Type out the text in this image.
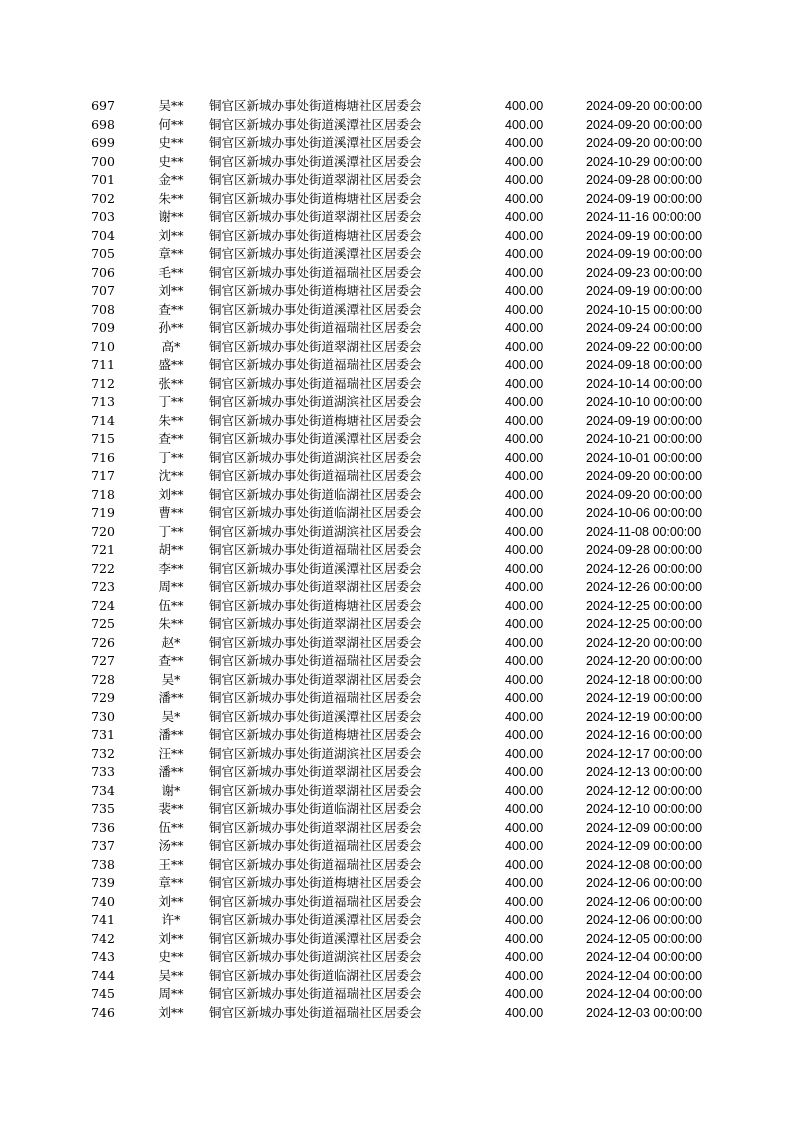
697	吴**	铜官区新城办事处街道梅塘社区居委会	400.00	2024-09-20 00:00:00
698	何**	铜官区新城办事处街道溪潭社区居委会	400.00	2024-09-20 00:00:00
699	史**	铜官区新城办事处街道溪潭社区居委会	400.00	2024-09-20 00:00:00
700	史**	铜官区新城办事处街道溪潭社区居委会	400.00	2024-10-29 00:00:00
701	金**	铜官区新城办事处街道翠湖社区居委会	400.00	2024-09-28 00:00:00
702	朱**	铜官区新城办事处街道梅塘社区居委会	400.00	2024-09-19 00:00:00
703	谢**	铜官区新城办事处街道翠湖社区居委会	400.00	2024-11-16 00:00:00
704	刘**	铜官区新城办事处街道梅塘社区居委会	400.00	2024-09-19 00:00:00
705	章**	铜官区新城办事处街道溪潭社区居委会	400.00	2024-09-19 00:00:00
706	毛**	铜官区新城办事处街道福瑞社区居委会	400.00	2024-09-23 00:00:00
707	刘**	铜官区新城办事处街道梅塘社区居委会	400.00	2024-09-19 00:00:00
708	查**	铜官区新城办事处街道溪潭社区居委会	400.00	2024-10-15 00:00:00
709	孙**	铜官区新城办事处街道福瑞社区居委会	400.00	2024-09-24 00:00:00
710	高*	铜官区新城办事处街道翠湖社区居委会	400.00	2024-09-22 00:00:00
711	盛**	铜官区新城办事处街道福瑞社区居委会	400.00	2024-09-18 00:00:00
712	张**	铜官区新城办事处街道福瑞社区居委会	400.00	2024-10-14 00:00:00
713	丁**	铜官区新城办事处街道湖滨社区居委会	400.00	2024-10-10 00:00:00
714	朱**	铜官区新城办事处街道梅塘社区居委会	400.00	2024-09-19 00:00:00
715	查**	铜官区新城办事处街道溪潭社区居委会	400.00	2024-10-21 00:00:00
716	丁**	铜官区新城办事处街道湖滨社区居委会	400.00	2024-10-01 00:00:00
717	沈**	铜官区新城办事处街道福瑞社区居委会	400.00	2024-09-20 00:00:00
718	刘**	铜官区新城办事处街道临湖社区居委会	400.00	2024-09-20 00:00:00
719	曹**	铜官区新城办事处街道临湖社区居委会	400.00	2024-10-06 00:00:00
720	丁**	铜官区新城办事处街道湖滨社区居委会	400.00	2024-11-08 00:00:00
721	胡**	铜官区新城办事处街道福瑞社区居委会	400.00	2024-09-28 00:00:00
722	李**	铜官区新城办事处街道溪潭社区居委会	400.00	2024-12-26 00:00:00
723	周**	铜官区新城办事处街道翠湖社区居委会	400.00	2024-12-26 00:00:00
724	伍**	铜官区新城办事处街道梅塘社区居委会	400.00	2024-12-25 00:00:00
725	朱**	铜官区新城办事处街道翠湖社区居委会	400.00	2024-12-25 00:00:00
726	赵*	铜官区新城办事处街道翠湖社区居委会	400.00	2024-12-20 00:00:00
727	查**	铜官区新城办事处街道福瑞社区居委会	400.00	2024-12-20 00:00:00
728	吴*	铜官区新城办事处街道翠湖社区居委会	400.00	2024-12-18 00:00:00
729	潘**	铜官区新城办事处街道福瑞社区居委会	400.00	2024-12-19 00:00:00
730	吴*	铜官区新城办事处街道溪潭社区居委会	400.00	2024-12-19 00:00:00
731	潘**	铜官区新城办事处街道梅塘社区居委会	400.00	2024-12-16 00:00:00
732	汪**	铜官区新城办事处街道湖滨社区居委会	400.00	2024-12-17 00:00:00
733	潘**	铜官区新城办事处街道翠湖社区居委会	400.00	2024-12-13 00:00:00
734	谢*	铜官区新城办事处街道翠湖社区居委会	400.00	2024-12-12 00:00:00
735	裴**	铜官区新城办事处街道临湖社区居委会	400.00	2024-12-10 00:00:00
736	伍**	铜官区新城办事处街道翠湖社区居委会	400.00	2024-12-09 00:00:00
737	汤**	铜官区新城办事处街道福瑞社区居委会	400.00	2024-12-09 00:00:00
738	王**	铜官区新城办事处街道福瑞社区居委会	400.00	2024-12-08 00:00:00
739	章**	铜官区新城办事处街道梅塘社区居委会	400.00	2024-12-06 00:00:00
740	刘**	铜官区新城办事处街道福瑞社区居委会	400.00	2024-12-06 00:00:00
741	许*	铜官区新城办事处街道溪潭社区居委会	400.00	2024-12-06 00:00:00
742	刘**	铜官区新城办事处街道溪潭社区居委会	400.00	2024-12-05 00:00:00
743	史**	铜官区新城办事处街道湖滨社区居委会	400.00	2024-12-04 00:00:00
744	吴**	铜官区新城办事处街道临湖社区居委会	400.00	2024-12-04 00:00:00
745	周**	铜官区新城办事处街道福瑞社区居委会	400.00	2024-12-04 00:00:00
746	刘**	铜官区新城办事处街道福瑞社区居委会	400.00	2024-12-03 00:00:00
